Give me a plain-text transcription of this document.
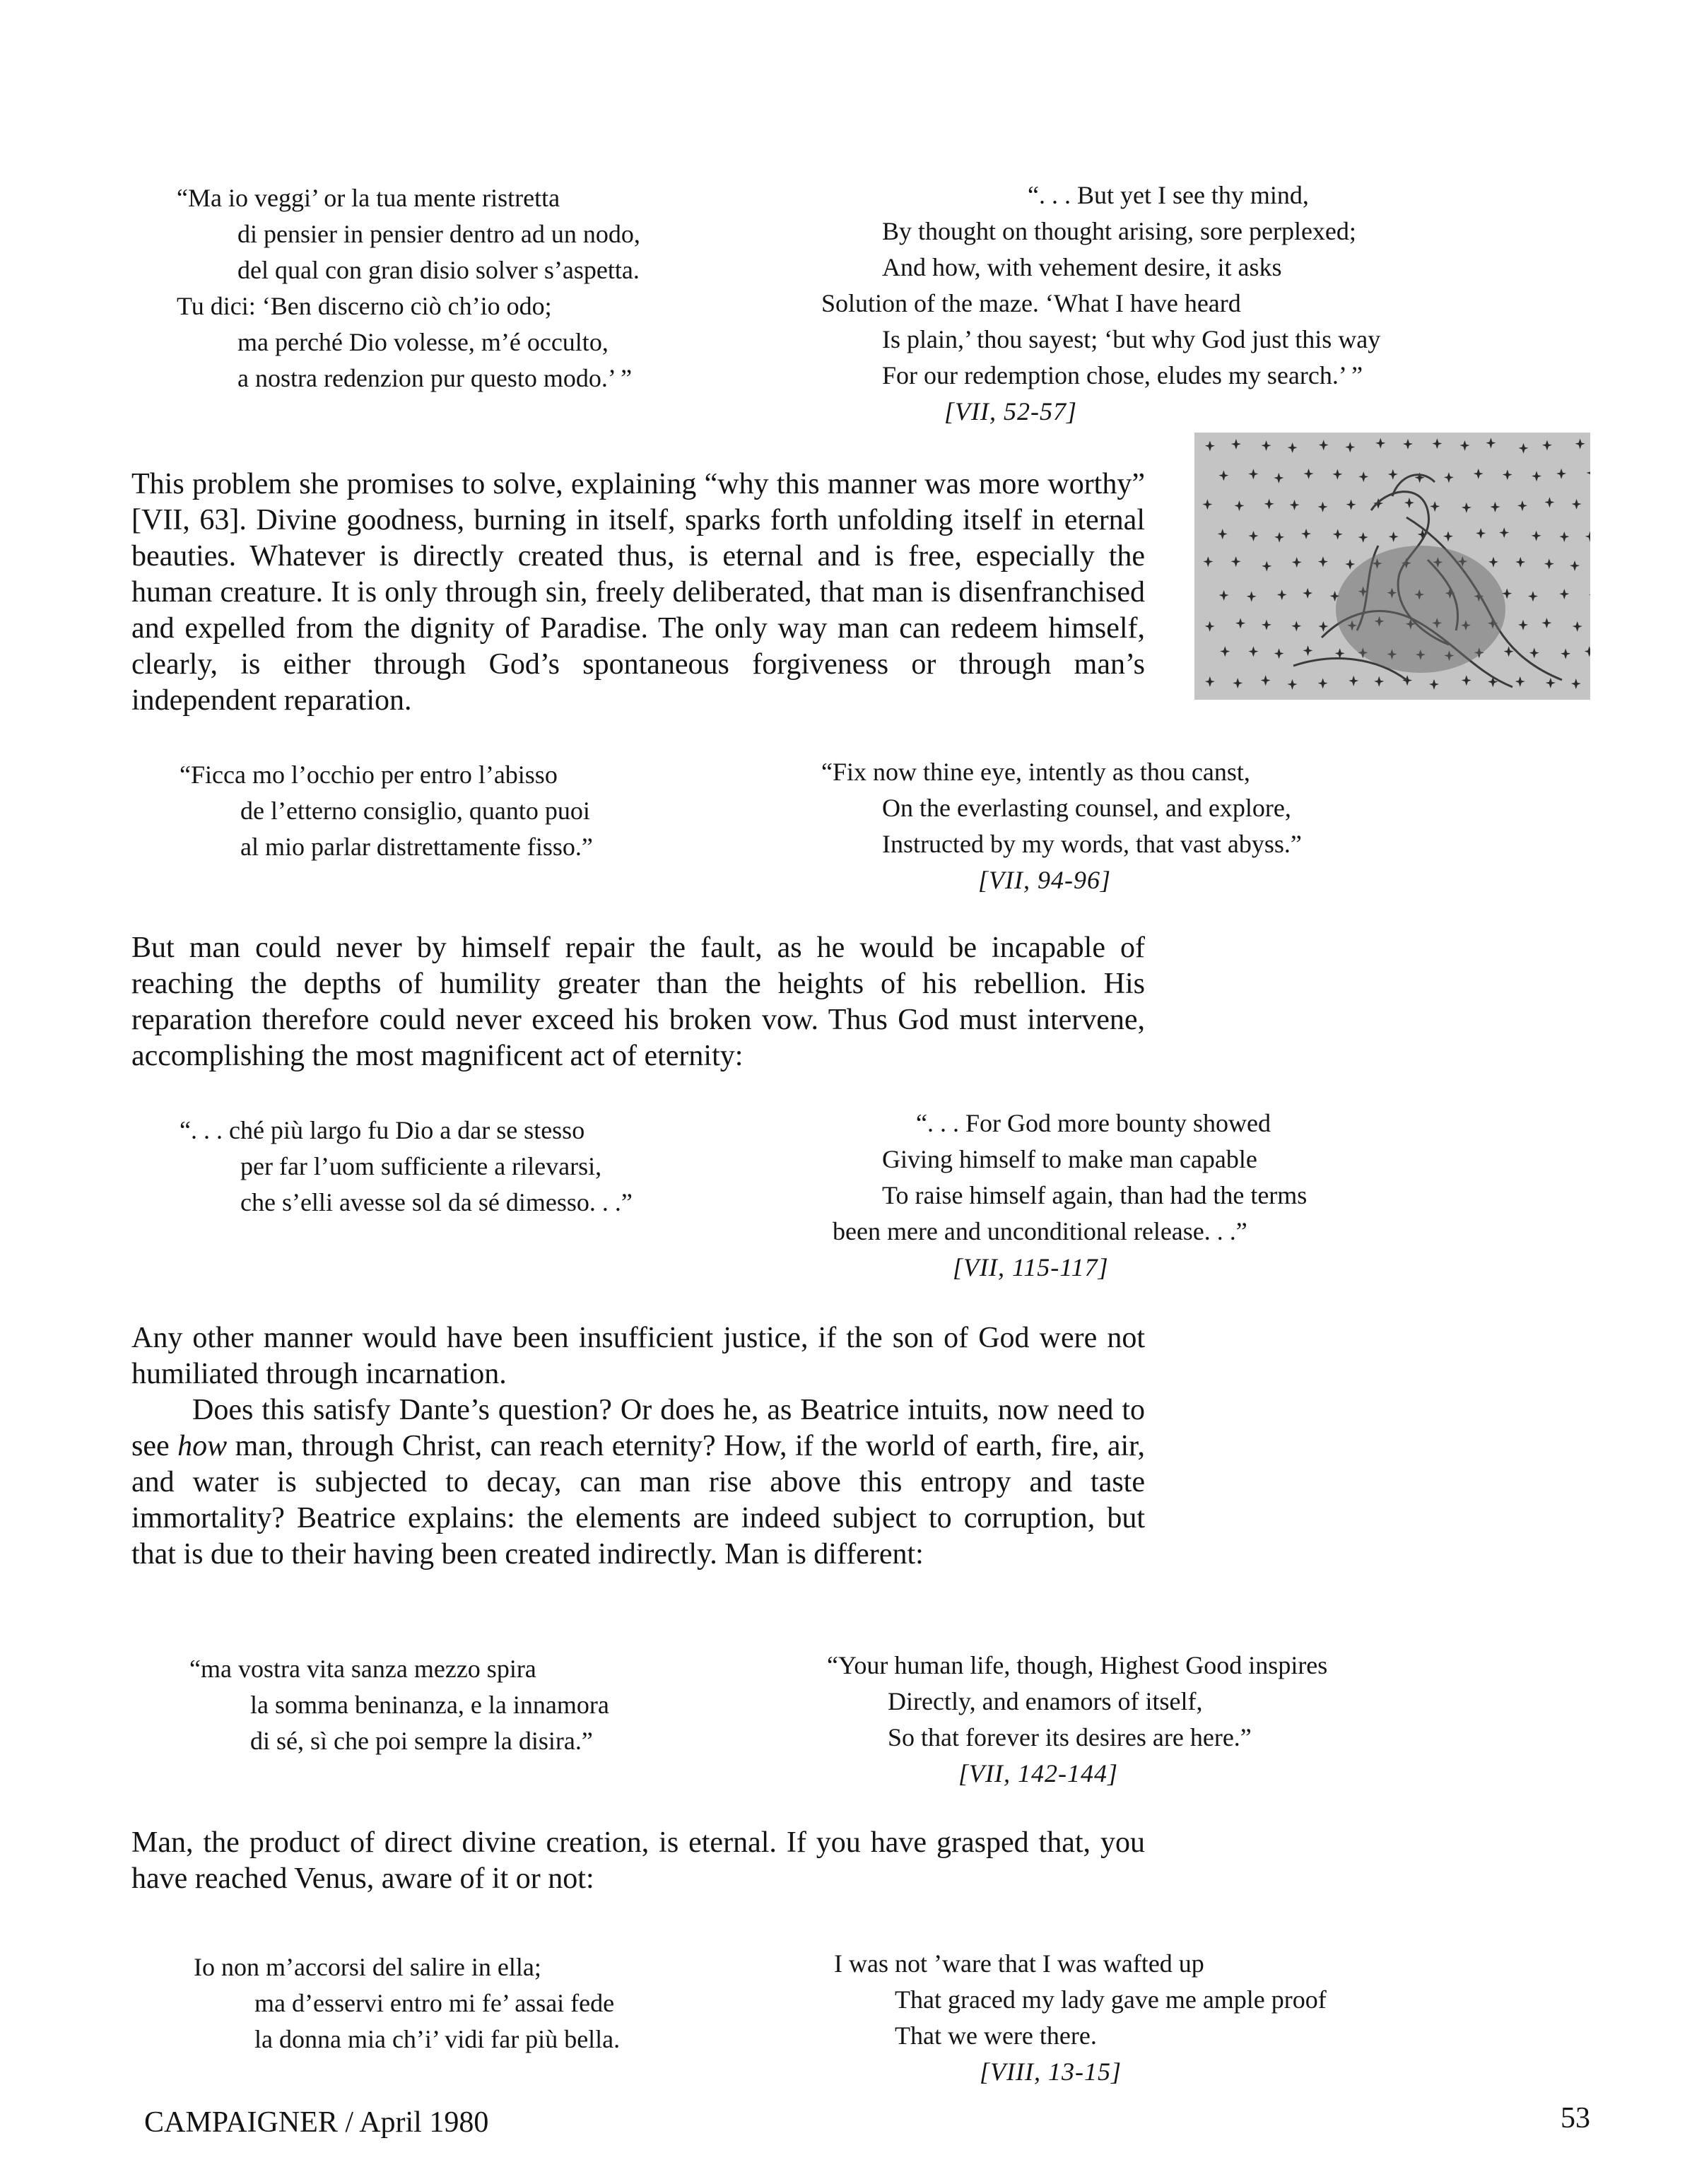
“Ma io veggi’ or la tua mente ristretta
di pensier in pensier dentro ad un nodo,
del qual con gran disio solver s’aspetta.
Tu dici: ‘Ben discerno ciò ch’io odo;
ma perché Dio volesse, m’é occulto,
a nostra redenzion pur questo modo.’ ”
“. . . But yet I see thy mind,
By thought on thought arising, sore perplexed;
And how, with vehement desire, it asks
Solution of the maze. ‘What I have heard
Is plain,’ thou sayest; ‘but why God just this way
For our redemption chose, eludes my search.’ ”
[VII, 52-57]

This problem she promises to solve, explaining “why this manner was more worthy” [VII, 63]. Divine goodness, burning in itself, sparks forth unfolding itself in eternal beauties. Whatever is directly created thus, is eternal and is free, especially the human creature. It is only through sin, freely deliberated, that man is disenfranchised and expelled from the dignity of Paradise. The only way man can redeem himself, clearly, is either through God’s spontaneous forgiveness or through man’s independent reparation.

“Ficca mo l’occhio per entro l’abisso
de l’etterno consiglio, quanto puoi
al mio parlar distrettamente fisso.”
“Fix now thine eye, intently as thou canst,
On the everlasting counsel, and explore,
Instructed by my words, that vast abyss.”
[VII, 94-96]

But man could never by himself repair the fault, as he would be incapable of reaching the depths of humility greater than the heights of his rebellion. His reparation therefore could never exceed his broken vow. Thus God must intervene, accomplishing the most magnificent act of eternity:

“. . . ché più largo fu Dio a dar se stesso
per far l’uom sufficiente a rilevarsi,
che s’elli avesse sol da sé dimesso. . .”
“. . . For God more bounty showed
Giving himself to make man capable
To raise himself again, than had the terms
been mere and unconditional release. . .”
[VII, 115-117]

Any other manner would have been insufficient justice, if the son of God were not humiliated through incarnation.

Does this satisfy Dante’s question? Or does he, as Beatrice intuits, now need to see how man, through Christ, can reach eternity? How, if the world of earth, fire, air, and water is subjected to decay, can man rise above this entropy and taste immortality? Beatrice explains: the elements are indeed subject to corruption, but that is due to their having been created indirectly. Man is different:

“ma vostra vita sanza mezzo spira
la somma beninanza, e la innamora
di sé, sì che poi sempre la disira.”
“Your human life, though, Highest Good inspires
Directly, and enamors of itself,
So that forever its desires are here.”
[VII, 142-144]

Man, the product of direct divine creation, is eternal. If you have grasped that, you have reached Venus, aware of it or not:

Io non m’accorsi del salire in ella;
ma d’esservi entro mi fe’ assai fede
la donna mia ch’i’ vidi far più bella.
I was not ’ware that I was wafted up
That graced my lady gave me ample proof
That we were there.
[VIII, 13-15]
CAMPAIGNER / April 1980	53
